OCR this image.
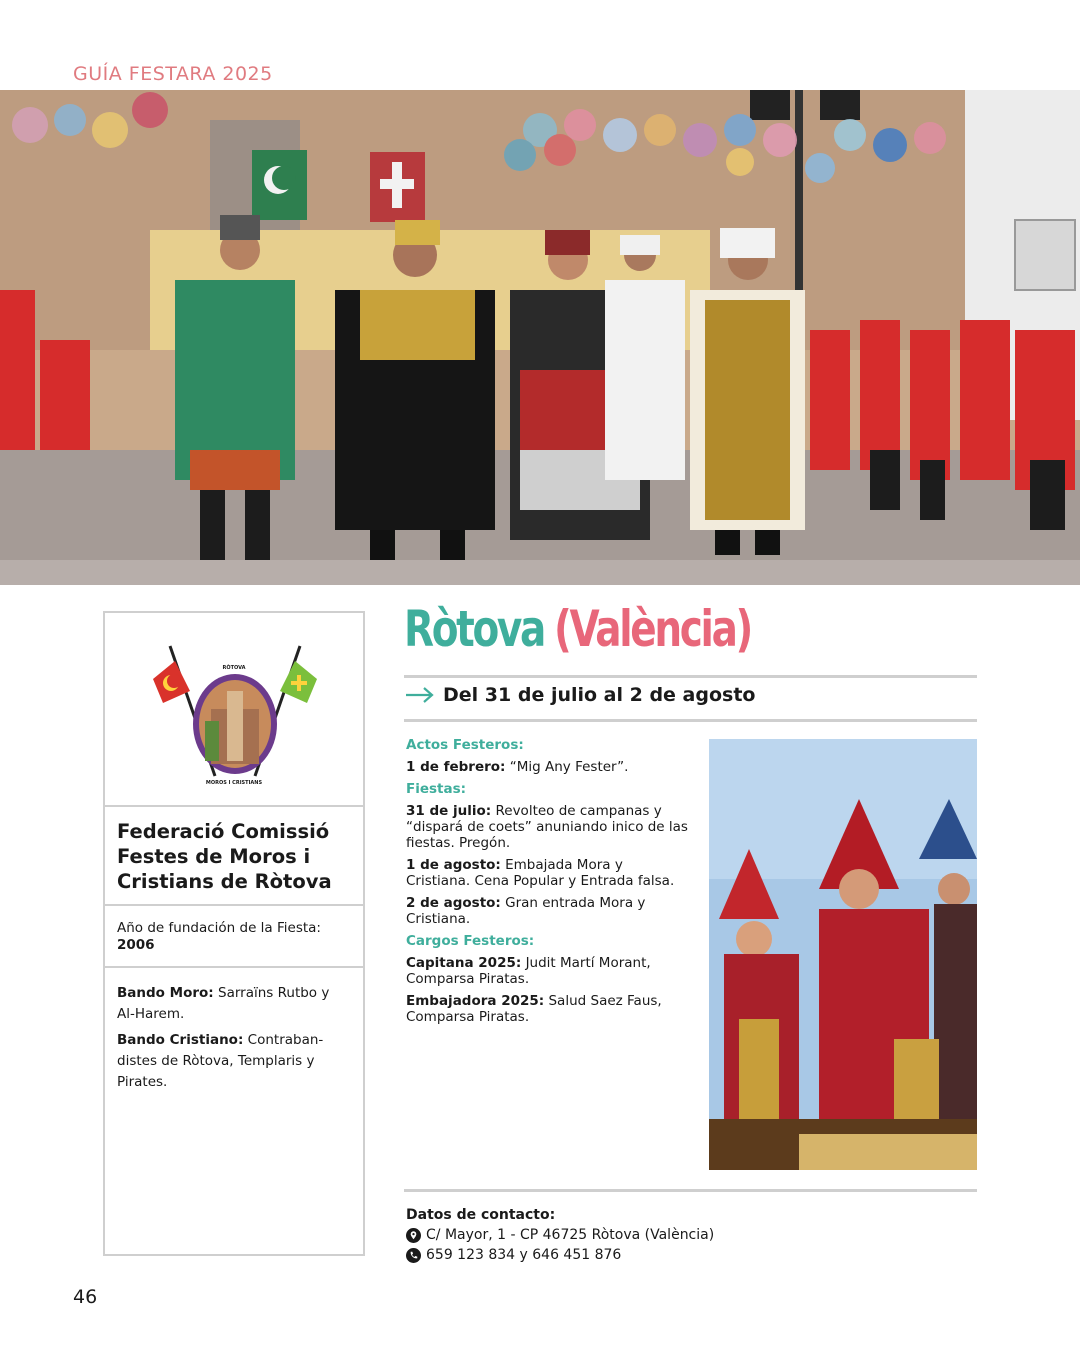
GUÍA FESTARA 2025
RÒTOVA
MOROS I CRISTIANS

Federació Comissió Festes de Moros i Cristians de Ròtova

Año de fundación de la Fiesta: 2006

Bando Moro: Sarraïns Rutbo y Al-Harem.

Bando Cristiano: Contraban-distes de Ròtova, Templaris y Pirates.

Ròtova (València)
Del 31 de julio al 2 de agosto
Actos Festeros:

1 de febrero: “Mig Any Fester”.

Fiestas:

31 de julio: Revolteo de campanas y “dispará de coets” anuniando inico de las fiestas. Pregón.

1 de agosto: Embajada Mora y Cristiana. Cena Popular y Entrada falsa.

2 de agosto: Gran entrada Mora y Cristiana.

Cargos Festeros:

Capitana 2025: Judit Martí Morant, Comparsa Piratas.

Embajadora 2025: Salud Saez Faus, Comparsa Piratas.

Datos de contacto:
C/ Mayor, 1 - CP 46725 Ròtova (València)
659 123 834 y 646 451 876
46
